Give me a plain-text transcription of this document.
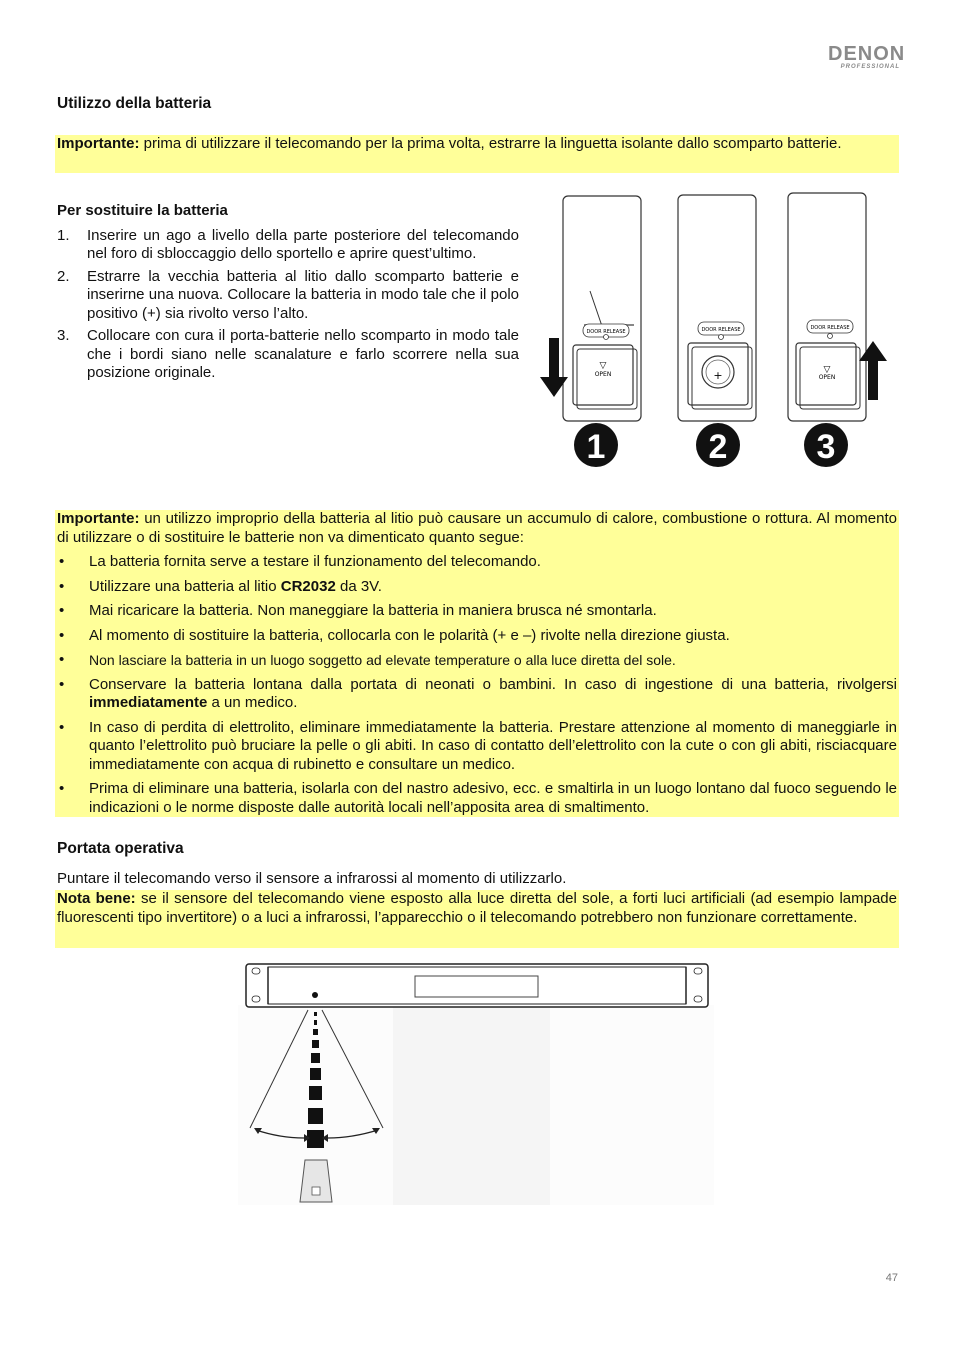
DENON
PROFESSIONAL
Utilizzo della batteria
Importante: prima di utilizzare il telecomando per la prima volta, estrarre la linguetta isolante dallo scomparto batterie.
Per sostituire la batteria
1.	Inserire un ago a livello della parte posteriore del telecomando nel foro di sbloccaggio dello sportello e aprire quest’ultimo.
2.	Estrarre la vecchia batteria al litio dallo scomparto batterie e inserirne una nuova. Collocare la batteria in modo tale che il polo positivo (+) sia rivolto verso l’alto.
3.	Collocare con cura il porta-batterie nello scomparto in modo tale che i bordi siano nelle scanalature e farlo scorrere nella sua posizione originale.
DOOR RELEASE
▽
OPEN
DOOR RELEASE
+
DOOR RELEASE
▽
OPEN
1	2	3
Importante: un utilizzo improprio della batteria al litio può causare un accumulo di calore, combustione o rottura. Al momento di utilizzare o di sostituire le batterie non va dimenticato quanto segue:
•	La batteria fornita serve a testare il funzionamento del telecomando.
•	Utilizzare una batteria al litio CR2032 da 3V.
•	Mai ricaricare la batteria. Non maneggiare la batteria in maniera brusca né smontarla.
•	Al momento di sostituire la batteria, collocarla con le polarità (+ e –) rivolte nella direzione giusta.
•	Non lasciare la batteria in un luogo soggetto ad elevate temperature o alla luce diretta del sole.
•	Conservare la batteria lontana dalla portata di neonati o bambini. In caso di ingestione di una batteria, rivolgersi immediatamente a un medico.
•	In caso di perdita di elettrolito, eliminare immediatamente la batteria. Prestare attenzione al momento di maneggiarle in quanto l’elettrolito può bruciare la pelle o gli abiti. In caso di contatto dell’elettrolito con la cute o con gli abiti, risciacquare immediatamente con acqua di rubinetto e consultare un medico.
•	Prima di eliminare una batteria, isolarla con del nastro adesivo, ecc. e smaltirla in un luogo lontano dal fuoco seguendo le indicazioni o le norme disposte dalle autorità locali nell’apposita area di smaltimento.
Portata operativa
Puntare il telecomando verso il sensore a infrarossi al momento di utilizzarlo.
Nota bene: se il sensore del telecomando viene esposto alla luce diretta del sole, a forti luci artificiali (ad esempio lampade fluorescenti tipo invertitore) o a luci a infrarossi, l’apparecchio o il telecomando potrebbero non funzionare correttamente.
47
